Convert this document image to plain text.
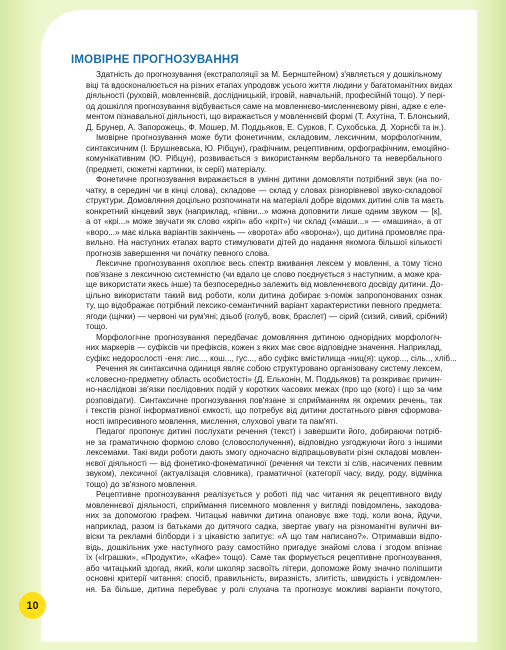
ІМОВІРНЕ ПРОГНОЗУВАННЯ
Здатність до прогнозування (екстраполяції за М. Бернштейном) з'являється у дошкільному
віці та вдосконалюється на різних етапах упродовж усього життя людини у багатоманітних видах
діяльності (руховій, мовленнєвій, дослідницькій, ігровій, навчальній, професійній тощо). У пері-
од дошкілля прогнозування відбувається саме на мовленнєво-мисленнєвому рівні, адже є еле-
ментом пізнавальної діяльності, що виражається у мовленнєвій формі (Т. Ахутіна, Т. Блонський,
Д. Брунер, А. Запорожець, Ф. Мошер, М. Поддьяков, Е. Сурков, Г. Сухобська, Д. Хорнсбі та ін.).
Імовірне прогнозування може бути фонетичним, складовим, лексичним, морфологічним,
синтаксичним (І. Брушневська, Ю. Рібцун), графічним, рецептивним, орфографічним, емоційно-
комунікативним (Ю. Рібцун), розвивається з використанням вербального та невербального
(предметі, сюжетні картинки, іх серії) матеріалу.
Фонетичне прогнозування виражається в умінні дитини домовляти потрібний звук (на по-
чатку, в середині чи в кінці слова), складове — склад у словах різнорівневої звуко-складової
структури. Домовляння доцільно розпочинати на матеріалі добре відомих дитині слів та маєть
конкретний кінцевий звук (наприклад, «півни...» можна доповнити лише одним звуком — [к],
а от «крі...» може звучати як слово «кріп» або «кріт») чи склад («маши...» — «машина», а от
«воро...» має кілька варіантів закінчень — «ворота» або «ворона»), що дитина промовляє пра-
вильно. На наступних етапах варто стимулювати дітей до надання якомога більшої кількості
прогнозів завершення чи початку певного слова.
Лексичне прогнозування охоплює весь спектр вживання лексем у мовленні, а тому тісно
пов'язане з лексичною системністю (чи вдало це слово поєднується з наступним, а може кра-
ще використати якесь інше) та безпосередньо залежить від мовленнєвого досвіду дитини. До-
цільно використати такий вид роботи, коли дитина добирає з-поміж запропонованих ознак
ту, що відображає потрібний лексико-семантичний варіант характеристики певного предмета:
ягоди (щічки) — червоні чи рум'яні; дзьоб (голуб, вовк, браслет) — сірий (сизий, сивий, срібний)
тощо.
Морфологічне прогнозування передбачає домовляння дитиною однорідних морфологіч-
них маркерів — суфіксів чи префіксів, кожен з яких має своє відповідне значення. Наприклад,
суфікс недорослості -еня: лис..., кош..., гус..., або суфікс вмістилища -ниц(я): цукор..., сіль.., хліб...
Речення як синтаксична одиниця являє собою структуровано організовану систему лексем,
«словесно-предметну область особистості» (Д. Ельконін, М. Поддьяков) та розкриває причин-
но-наслідкові зв'язки послідовних подій у коротких часових межах (про що (кого) і що за чим
розповідати). Синтаксичне прогнозування пов'язане зі сприйманням як окремих речень, так
і текстів різної інформативної ємкості, що потребує від дитини достатнього рівня сформова-
ності імпресивного мовлення, мислення, слухової уваги та пам'яті.
Педагог пропонує дитині послухати речення (текст) і завершити його, добираючи потріб-
не за граматичною формою слово (словосполучення), відповідно узгоджуючи його з іншими
лексемами. Такі види роботи дають змогу одночасно відпрацьовувати різні складові мовлен-
нєвої діяльності — від фонетико-фонематичної (речення чи тексти зі слів, насичених певним
звуком), лексичної (актуалізація словника), граматичної (категорії часу, виду, роду, відмінка
тощо) до зв'язного мовлення.
Рецептивне прогнозування реалізується у роботі під час читання як рецептивного виду
мовленнєвої діяльності, сприймання писемного мовлення у вигляді повідомлень, закодова-
них за допомогою графем. Читацькі навички дитина опановує вже тоді, коли вона, йдучи,
наприклад, разом із батьками до дитячого садка, звертає увагу на різноманітні вуличні ви-
віски та рекламні білборди і з цікавістю запитує: «А що там написано?». Отримавши відпо-
відь, дошкільник уже наступного разу самостійно пригадує знайомі слова і згодом впізнає
їх («Іграшки», «Продукти», «Кафе» тощо). Саме так формується рецептивне прогнозування,
або читацький здогад, який, коли школяр засвоїть літери, допоможе йому значно поліпшити
основні критерії читання: спосіб, правильність, виразність, злитість, швидкість і усвідомлен-
ня. Ба більше, дитина перебуває у ролі слухача та прогнозує можливі варіанти почутого,
10
